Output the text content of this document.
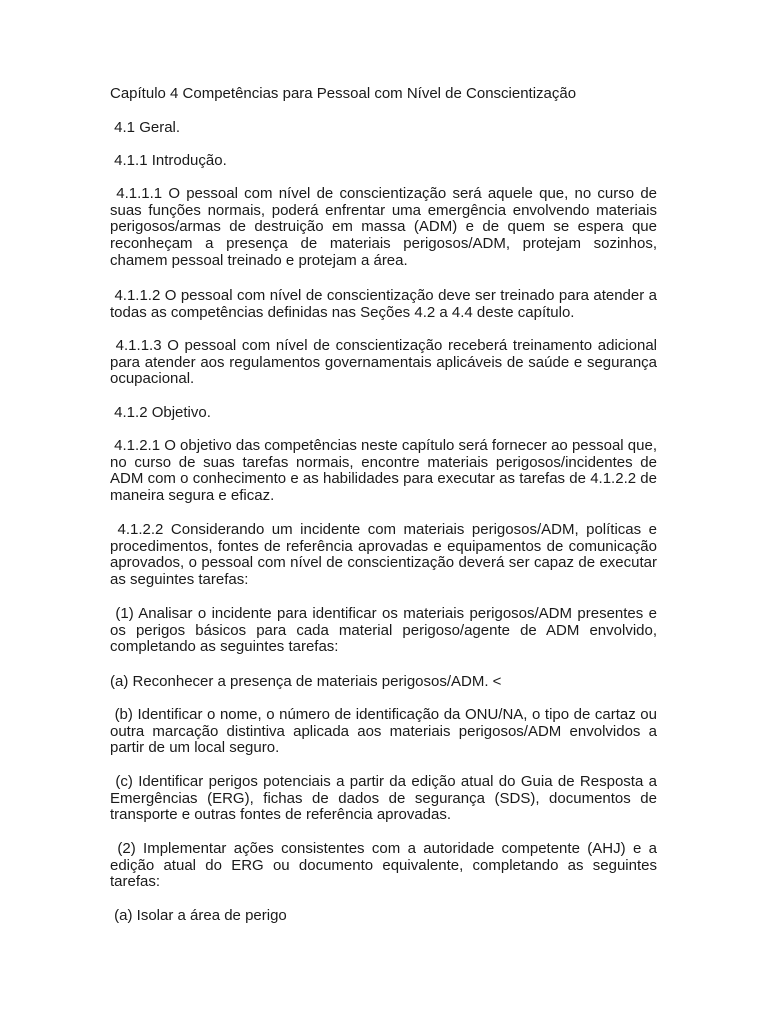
Capítulo 4 Competências para Pessoal com Nível de Conscientização

4.1 Geral.

4.1.1 Introdução.

4.1.1.1 O pessoal com nível de conscientização será aquele que, no curso de suas funções normais, poderá enfrentar uma emergência envolvendo materiais perigosos/armas de destruição em massa (ADM) e de quem se espera que reconheçam a presença de materiais perigosos/ADM, protejam sozinhos, chamem pessoal treinado e protejam a área.

4.1.1.2 O pessoal com nível de conscientização deve ser treinado para atender a todas as competências definidas nas Seções 4.2 a 4.4 deste capítulo.

4.1.1.3 O pessoal com nível de conscientização receberá treinamento adicional para atender aos regulamentos governamentais aplicáveis de saúde e segurança ocupacional.

4.1.2 Objetivo.

4.1.2.1 O objetivo das competências neste capítulo será fornecer ao pessoal que, no curso de suas tarefas normais, encontre materiais perigosos/incidentes de ADM com o conhecimento e as habilidades para executar as tarefas de 4.1.2.2 de maneira segura e eficaz.

4.1.2.2 Considerando um incidente com materiais perigosos/ADM, políticas e procedimentos, fontes de referência aprovadas e equipamentos de comunicação aprovados, o pessoal com nível de conscientização deverá ser capaz de executar as seguintes tarefas:

(1) Analisar o incidente para identificar os materiais perigosos/ADM presentes e os perigos básicos para cada material perigoso/agente de ADM envolvido, completando as seguintes tarefas:

(a) Reconhecer a presença de materiais perigosos/ADM. <

(b) Identificar o nome, o número de identificação da ONU/NA, o tipo de cartaz ou outra marcação distintiva aplicada aos materiais perigosos/ADM envolvidos a partir de um local seguro.

(c) Identificar perigos potenciais a partir da edição atual do Guia de Resposta a Emergências (ERG), fichas de dados de segurança (SDS), documentos de transporte e outras fontes de referência aprovadas.

(2) Implementar ações consistentes com a autoridade competente (AHJ) e a edição atual do ERG ou documento equivalente, completando as seguintes tarefas:

(a) Isolar a área de perigo
